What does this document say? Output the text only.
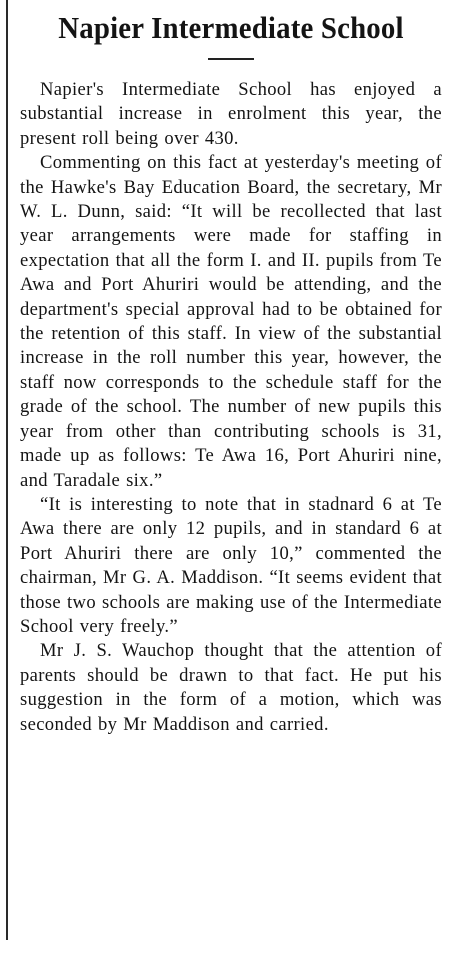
Napier Intermediate School

Napier's Intermediate School has enjoyed a substantial increase in enrolment this year, the present roll being over 430.

Commenting on this fact at yesterday's meeting of the Hawke's Bay Education Board, the secretary, Mr W. L. Dunn, said: “It will be recollected that last year arrangements were made for staffing in expectation that all the form I. and II. pupils from Te Awa and Port Ahuriri would be attending, and the department's special approval had to be obtained for the retention of this staff. In view of the substantial increase in the roll number this year, however, the staff now corresponds to the schedule staff for the grade of the school. The number of new pupils this year from other than contributing schools is 31, made up as follows: Te Awa 16, Port Ahuriri nine, and Taradale six.”

“It is interesting to note that in stadnard 6 at Te Awa there are only 12 pupils, and in standard 6 at Port Ahuriri there are only 10,” commented the chairman, Mr G. A. Maddison. “It seems evident that those two schools are making use of the Intermediate School very freely.”

Mr J. S. Wauchop thought that the attention of parents should be drawn to that fact. He put his suggestion in the form of a motion, which was seconded by Mr Maddison and carried.
